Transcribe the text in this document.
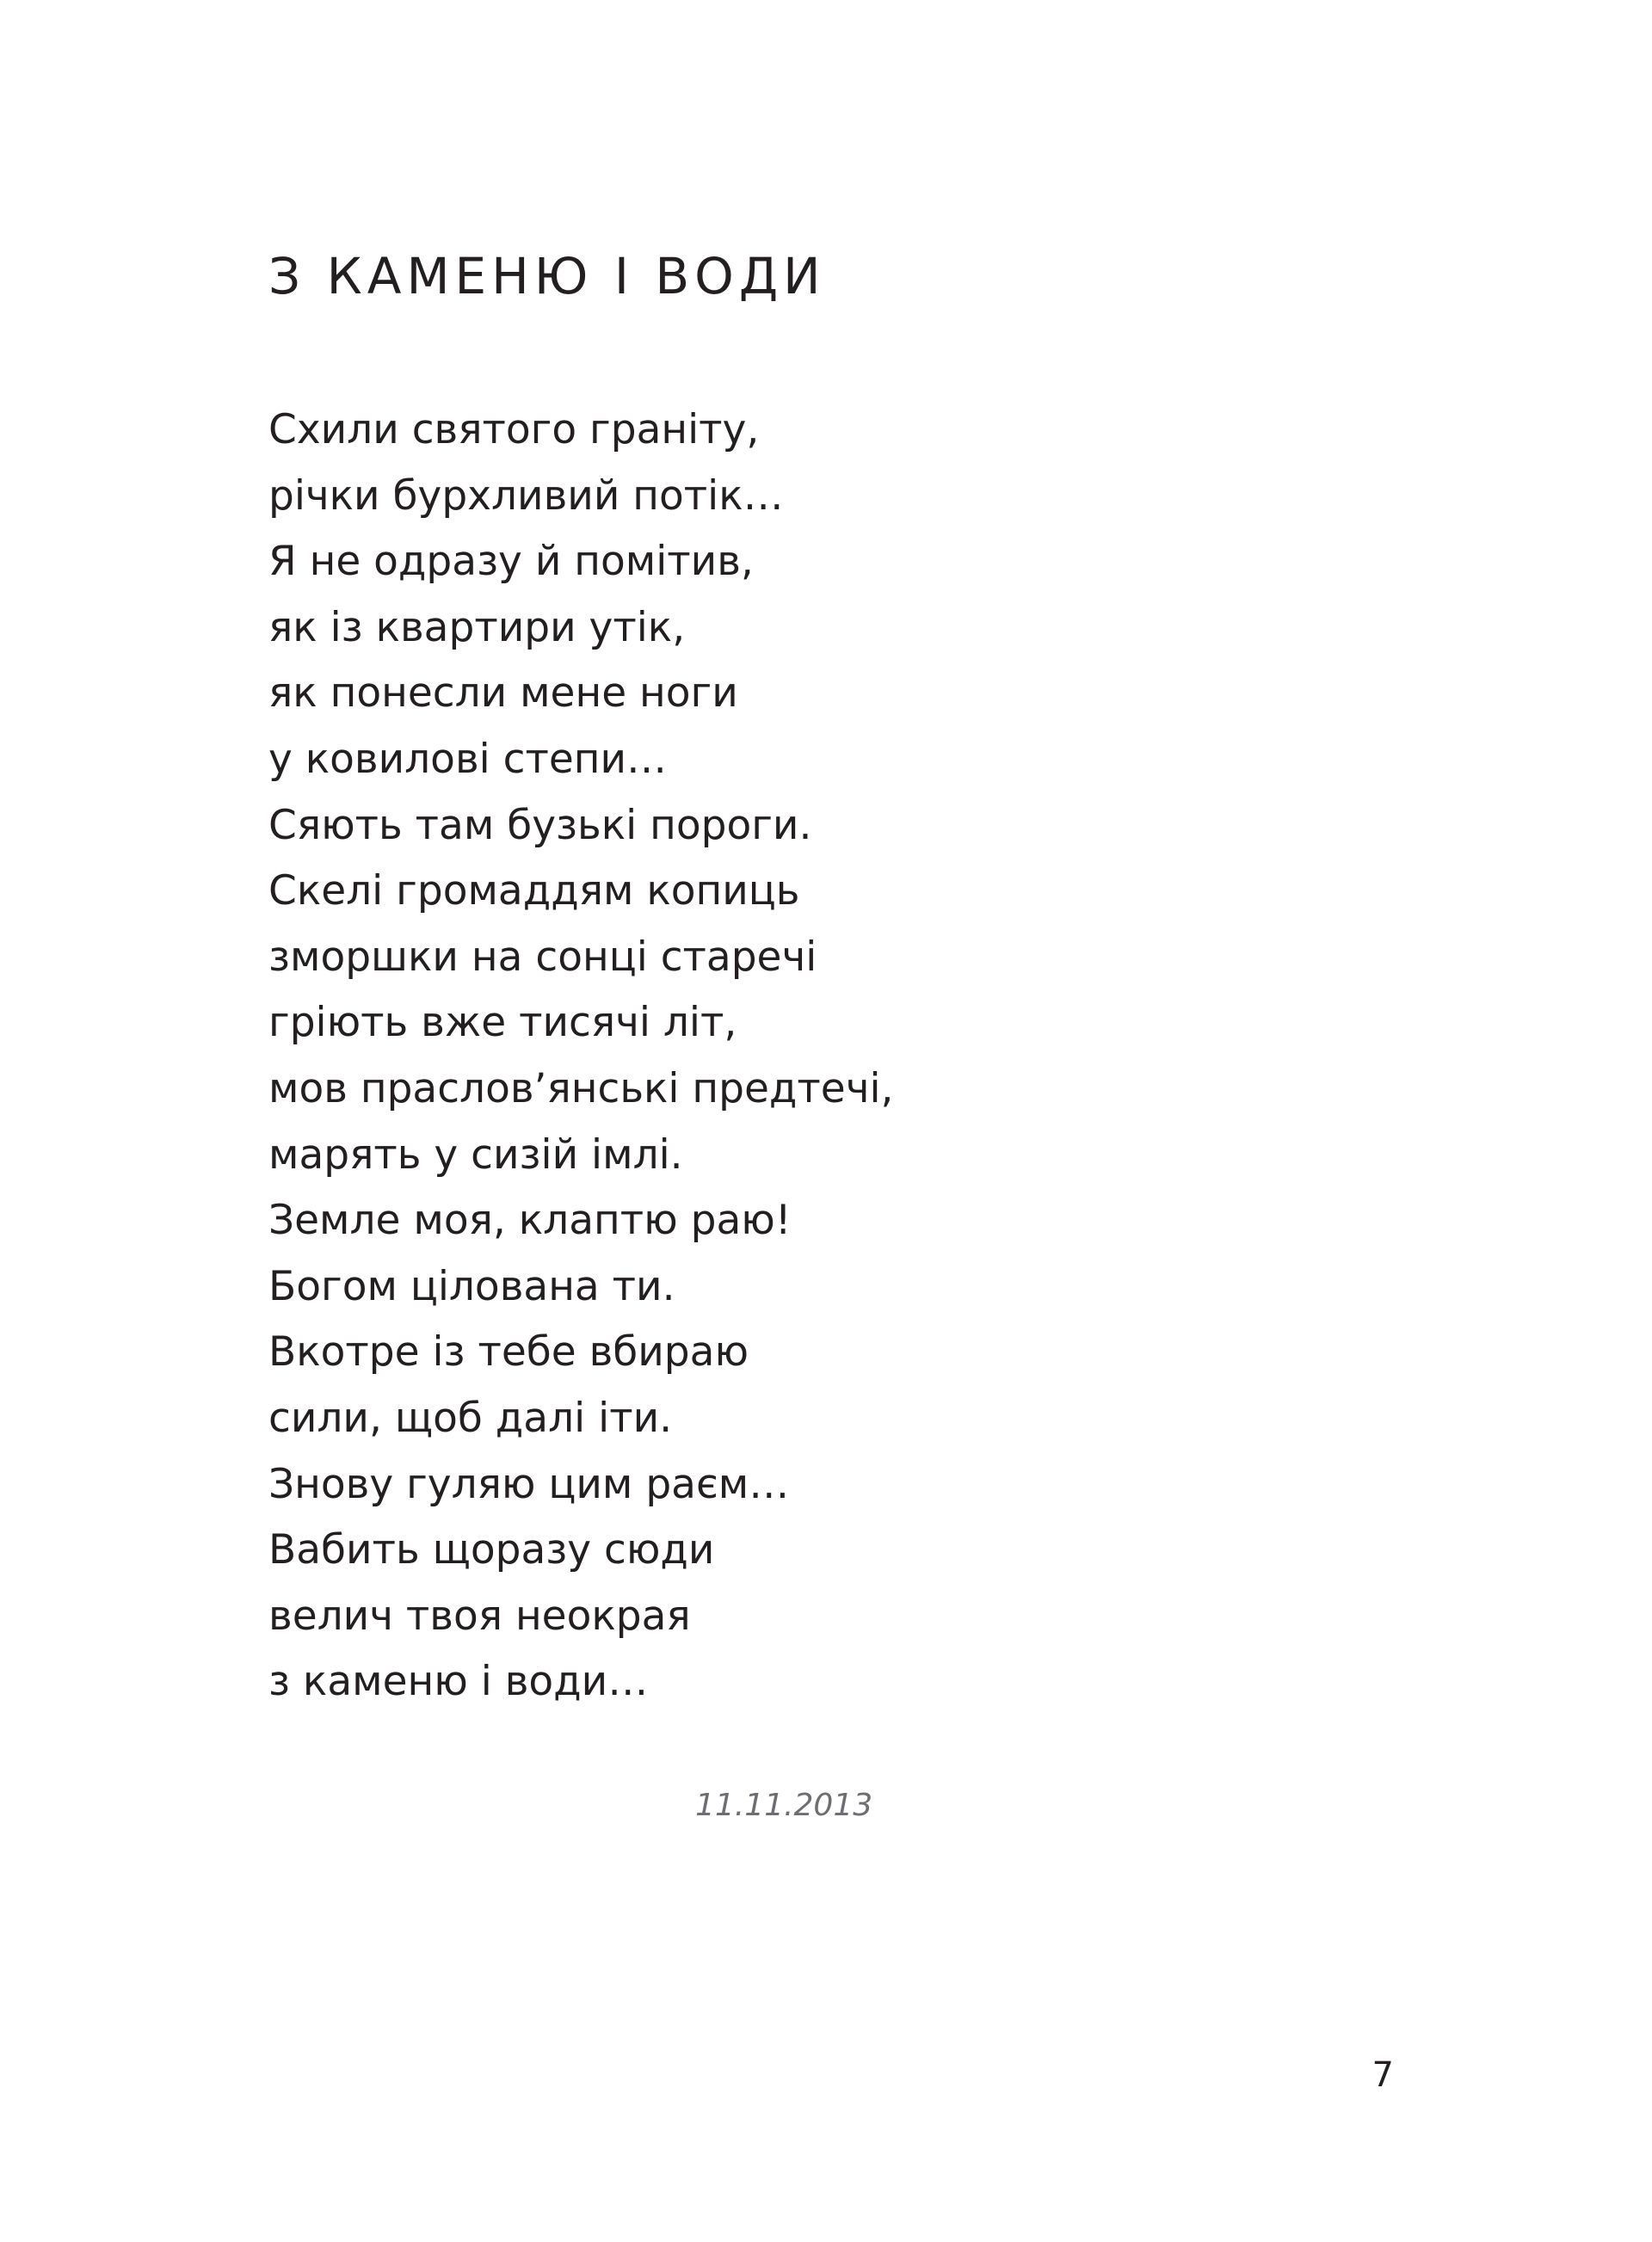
З КАМЕНЮ І ВОДИ
Схили святого граніту,
річки бурхливий потік…
Я не одразу й помітив,
як із квартири утік,
як понесли мене ноги
у ковилові степи…
Сяють там бузькі пороги.
Скелі громаддям копиць
зморшки на сонці старечі
гріють вже тисячі літ,
мов праслов’янські предтечі,
марять у сизій імлі.
Земле моя, клаптю раю!
Богом цілована ти.
Вкотре із тебе вбираю
сили, щоб далі іти.
Знову гуляю цим раєм…
Вабить щоразу сюди
велич твоя неокрая
з каменю і води…
11.11.2013
7
